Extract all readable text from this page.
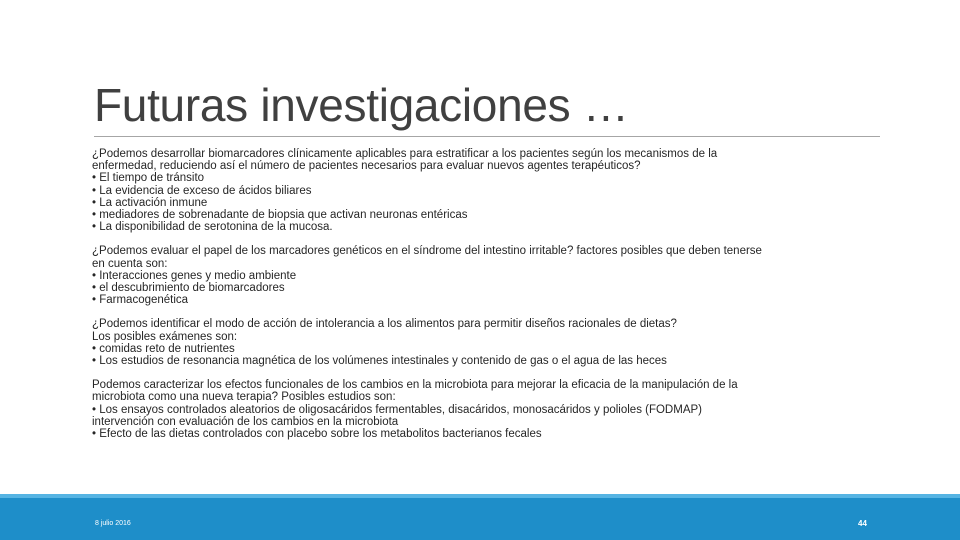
Futuras investigaciones …
¿Podemos desarrollar biomarcadores clínicamente aplicables para estratificar a los pacientes según los mecanismos de la
enfermedad, reduciendo así el número de pacientes necesarios para evaluar nuevos agentes terapéuticos?
• El tiempo de tránsito
• La evidencia de exceso de ácidos biliares
• La activación inmune
• mediadores de sobrenadante de biopsia que activan neuronas entéricas
• La disponibilidad de serotonina de la mucosa.
¿Podemos evaluar el papel de los marcadores genéticos en el síndrome del intestino irritable? factores posibles que deben tenerse
en cuenta son:
• Interacciones genes y medio ambiente
• el descubrimiento de biomarcadores
• Farmacogenética
¿Podemos identificar el modo de acción de intolerancia a los alimentos para permitir diseños racionales de dietas?
Los posibles exámenes son:
• comidas reto de nutrientes
• Los estudios de resonancia magnética de los volúmenes intestinales y contenido de gas o el agua de las heces
Podemos caracterizar los efectos funcionales de los cambios en la microbiota para mejorar la eficacia de la manipulación de la
microbiota como una nueva terapia? Posibles estudios son:
• Los ensayos controlados aleatorios de oligosacáridos fermentables, disacáridos, monosacáridos y polioles (FODMAP)
intervención con evaluación de los cambios en la microbiota
• Efecto de las dietas controlados con placebo sobre los metabolitos bacterianos fecales
8 julio 2016	44
